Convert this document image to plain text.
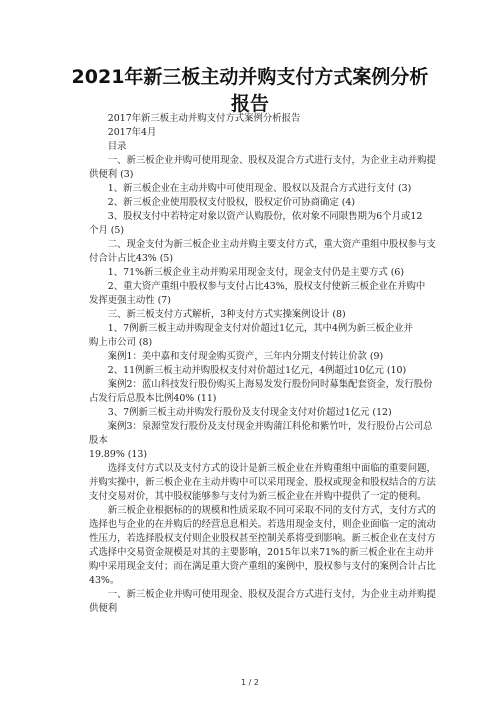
2021年新三板主动并购支付方式案例分析
报告

2017年新三板主动并购支付方式案例分析报告

2017年4月

目录

一、新三板企业并购可使用现金、股权及混合方式进行支付，为企业主动并购提供便利 (3)

1、新三板企业在主动并购中可使用现金、股权以及混合方式进行支付 (3)

2、新三板企业使用股权支付股权，股权定价可协商确定 (4)

3、股权支付中若特定对象以资产认购股份，依对象不同限售期为6个月或12

个月 (5)

二、现金支付为新三板企业主动并购主要支付方式，重大资产重组中股权参与支付合计占比43% (5)

1、71%新三板企业主动并购采用现金支付，现金支付仍是主要方式 (6)

2、重大资产重组中股权参与支付占比43%，股权支付使新三板企业在并购中

发挥更强主动性 (7)

三、新三板支付方式解析，3种支付方式实操案例设计 (8)

1、7例新三板主动并购现金支付对价超过1亿元，其中4例为新三板企业并

购上市公司 (8)

案例1：美中嘉和支付现金购买资产，三年内分期支付转让价款 (9)

2、11例新三板主动并购股权支付对价超过1亿元，4例超过10亿元 (10)

案例2：蓝山科技发行股份购买上海易发发行股份同时募集配套资金，发行股份占发行后总股本比例40% (11)

3、7例新三板主动并购发行股份及支付现金支付对价超过1亿元 (12)

案例3：泉源堂发行股份及支付现金并购蒲江科伦和紫竹叶，发行股份占公司总股本

19.89% (13)

选择支付方式以及支付方式的设计是新三板企业在并购重组中面临的重要问题，并购实操中，新三板企业在主动并购中可以采用现金、股权或现金和股权结合的方法支付交易对价，其中股权能够参与支付为新三板企业在并购中提供了一定的便利。

新三板企业根据标的的规模和性质采取不同可采取不同的支付方式，支付方式的选择也与企业的在并购后的经营息息相关。若选用现金支付，则企业面临一定的流动性压力，若选择股权支付则企业股权甚至控制关系将受到影响。新三板企业在支付方式选择中交易资金规模是对其的主要影响，2015年以来71%的新三板企业在主动并购中采用现金支付；而在满足重大资产重组的案例中，股权参与支付的案例合计占比43%。

一、新三板企业并购可使用现金、股权及混合方式进行支付，为企业主动并购提供便利

1 / 2
